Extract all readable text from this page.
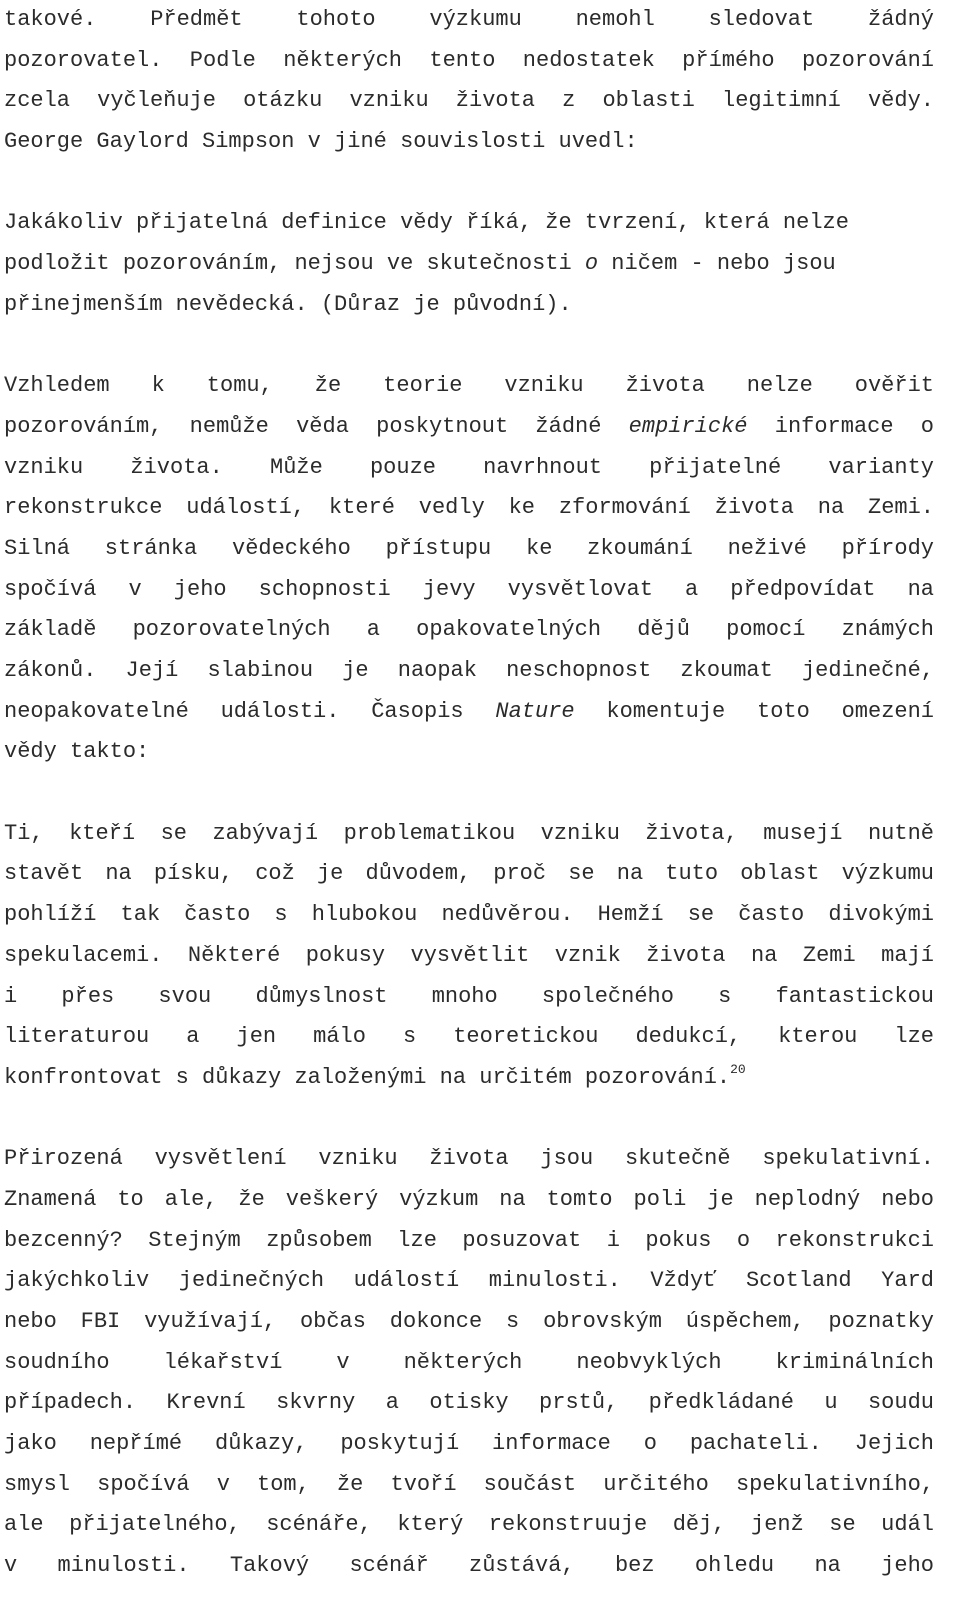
takové. Předmět tohoto výzkumu nemohl sledovat žádný
pozorovatel. Podle některých tento nedostatek přímého pozorování
zcela vyčleňuje otázku vzniku života z oblasti legitimní vědy.
George Gaylord Simpson v jiné souvislosti uvedl:
Jakákoliv přijatelná definice vědy říká, že tvrzení, která nelze
podložit pozorováním, nejsou ve skutečnosti o ničem - nebo jsou
přinejmenším nevědecká. (Důraz je původní).
Vzhledem k tomu, že teorie vzniku života nelze ověřit
pozorováním, nemůže věda poskytnout žádné empirické informace o
vzniku života. Může pouze navrhnout přijatelné varianty
rekonstrukce událostí, které vedly ke zformování života na Zemi.
Silná stránka vědeckého přístupu ke zkoumání neživé přírody
spočívá v jeho schopnosti jevy vysvětlovat a předpovídat na
základě pozorovatelných a opakovatelných dějů pomocí známých
zákonů. Její slabinou je naopak neschopnost zkoumat jedinečné,
neopakovatelné události. Časopis Nature komentuje toto omezení
vědy takto:
Ti, kteří se zabývají problematikou vzniku života, musejí nutně
stavět na písku, což je důvodem, proč se na tuto oblast výzkumu
pohlíží tak často s hlubokou nedůvěrou. Hemží se často divokými
spekulacemi. Některé pokusy vysvětlit vznik života na Zemi mají
i přes svou důmyslnost mnoho společného s fantastickou
literaturou a jen málo s teoretickou dedukcí, kterou lze
konfrontovat s důkazy založenými na určitém pozorování.$^{20}$
Přirozená vysvětlení vzniku života jsou skutečně spekulativní.
Znamená to ale, že veškerý výzkum na tomto poli je neplodný nebo
bezcenný? Stejným způsobem lze posuzovat i pokus o rekonstrukci
jakýchkoliv jedinečných událostí minulosti. Vždyť Scotland Yard
nebo FBI využívají, občas dokonce s obrovským úspěchem, poznatky
soudního lékařství v některých neobvyklých kriminálních
případech. Krevní skvrny a otisky prstů, předkládané u soudu
jako nepřímé důkazy, poskytují informace o pachateli. Jejich
smysl spočívá v tom, že tvoří součást určitého spekulativního,
ale přijatelného, scénáře, který rekonstruuje děj, jenž se udál
v minulosti. Takový scénář zůstává, bez ohledu na jeho
